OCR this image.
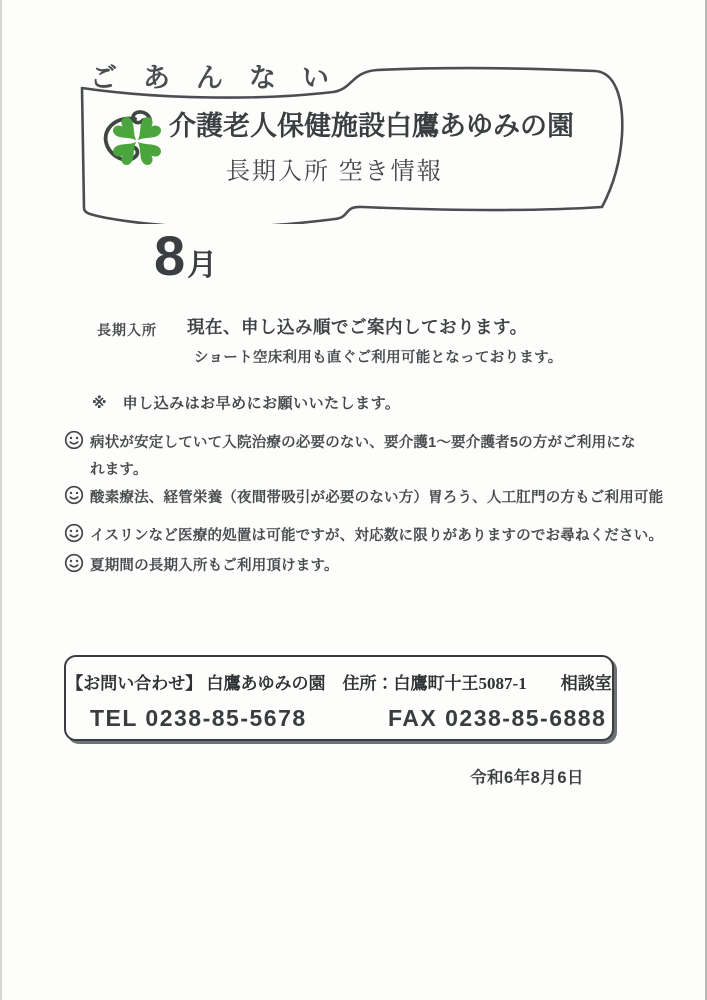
ごあんない
介護老人保健施設白鷹あゆみの園
長期入所 空き情報
8 月
長期入所 現在、申し込み順でご案内しております。
ショート空床利用も直ぐご利用可能となっております。
※　申し込みはお早めにお願いいたします。
病状が安定していて入院治療の必要のない、要介護1〜要介護者5の方がご利用にな
れます。
酸素療法、経管栄養（夜間帯吸引が必要のない方）胃ろう、人工肛門の方もご利用可能
イスリンなど医療的処置は可能ですが、対応数に限りがありますのでお尋ねください。
夏期間の長期入所もご利用頂けます。
【お問い合わせ】 白鷹あゆみの園　住所：白鷹町十王5087-1　　相談室
TEL 0238-85-5678	FAX 0238-85-6888
令和6年8月6日
